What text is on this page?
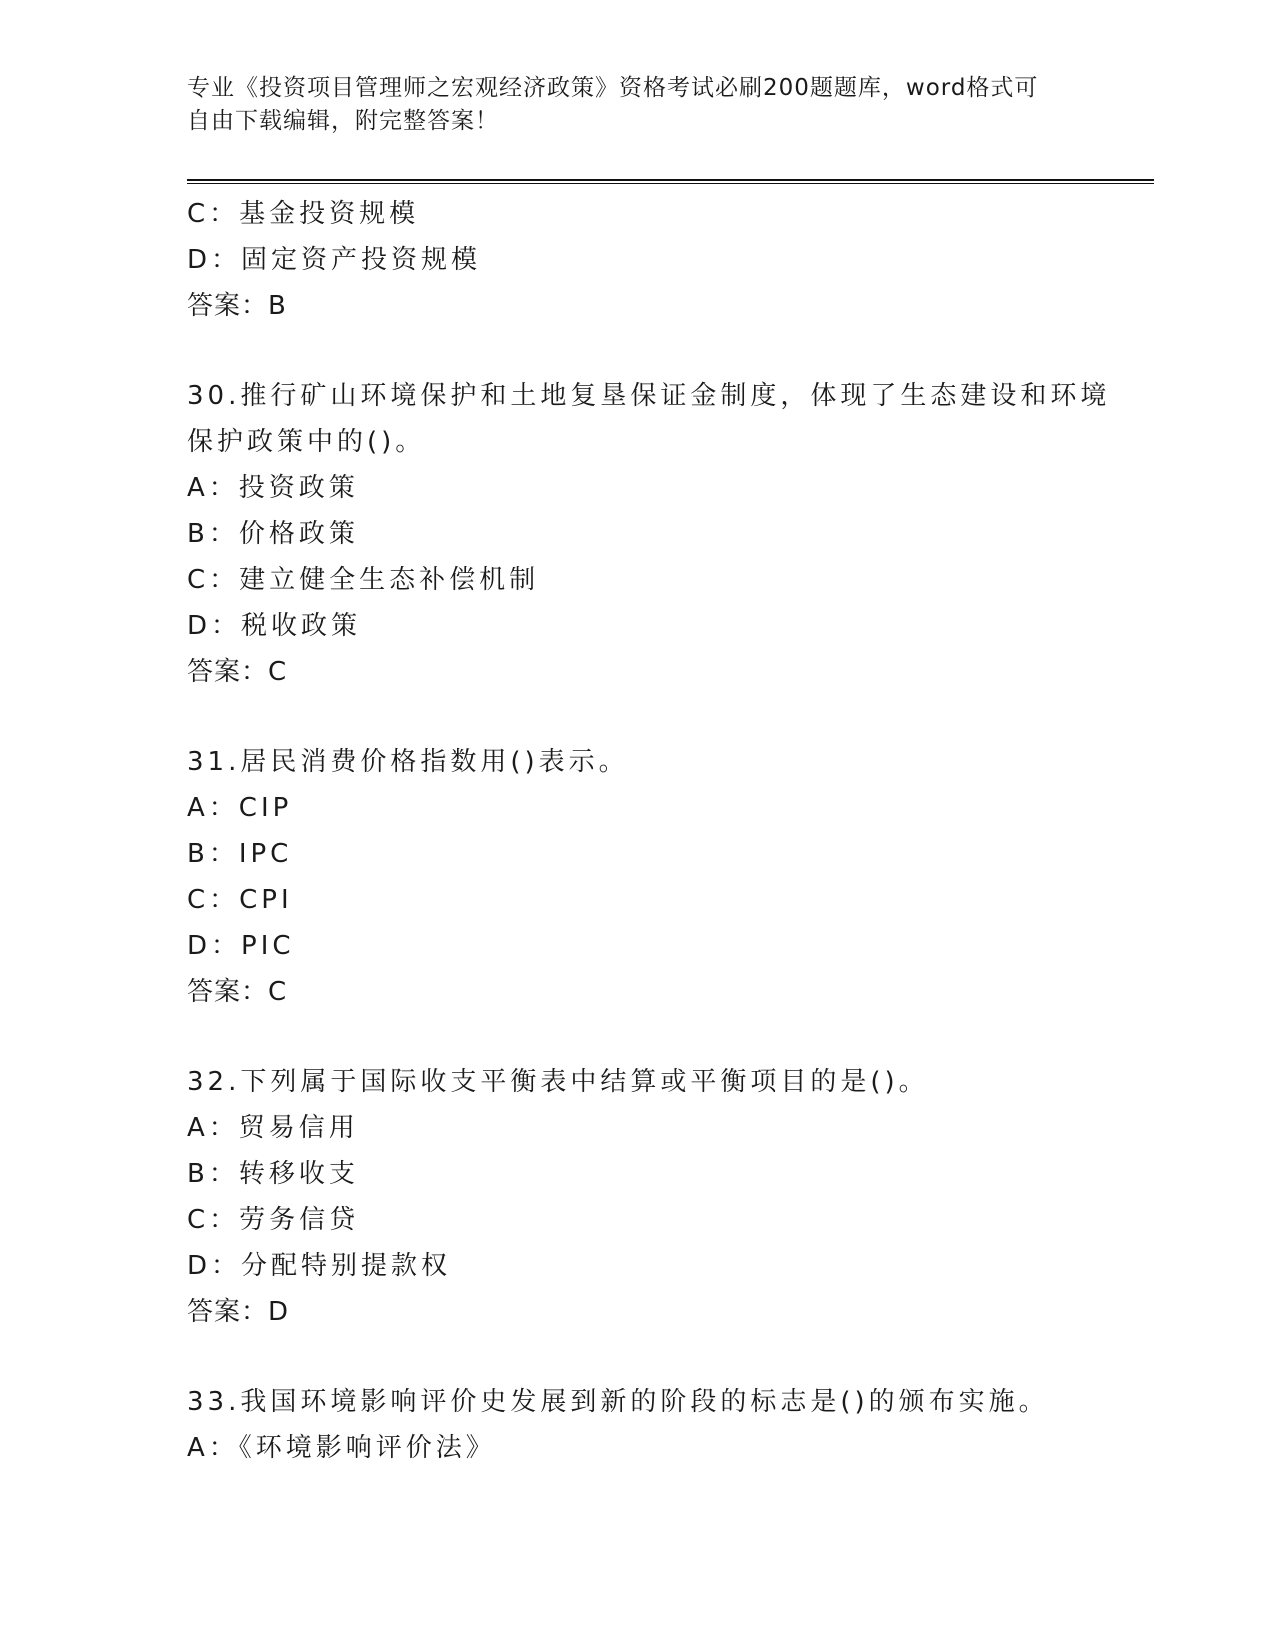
专业《投资项目管理师之宏观经济政策》资格考试必刷200题题库，word格式可
自由下载编辑，附完整答案！
C：基金投资规模
D：固定资产投资规模
答案：B
30.推行矿山环境保护和土地复垦保证金制度，体现了生态建设和环境
保护政策中的()。
A：投资政策
B：价格政策
C：建立健全生态补偿机制
D：税收政策
答案：C
31.居民消费价格指数用()表示。
A：CIP
B：IPC
C：CPI
D：PIC
答案：C
32.下列属于国际收支平衡表中结算或平衡项目的是()。
A：贸易信用
B：转移收支
C：劳务信贷
D：分配特别提款权
答案：D
33.我国环境影响评价史发展到新的阶段的标志是()的颁布实施。
A：《环境影响评价法》
